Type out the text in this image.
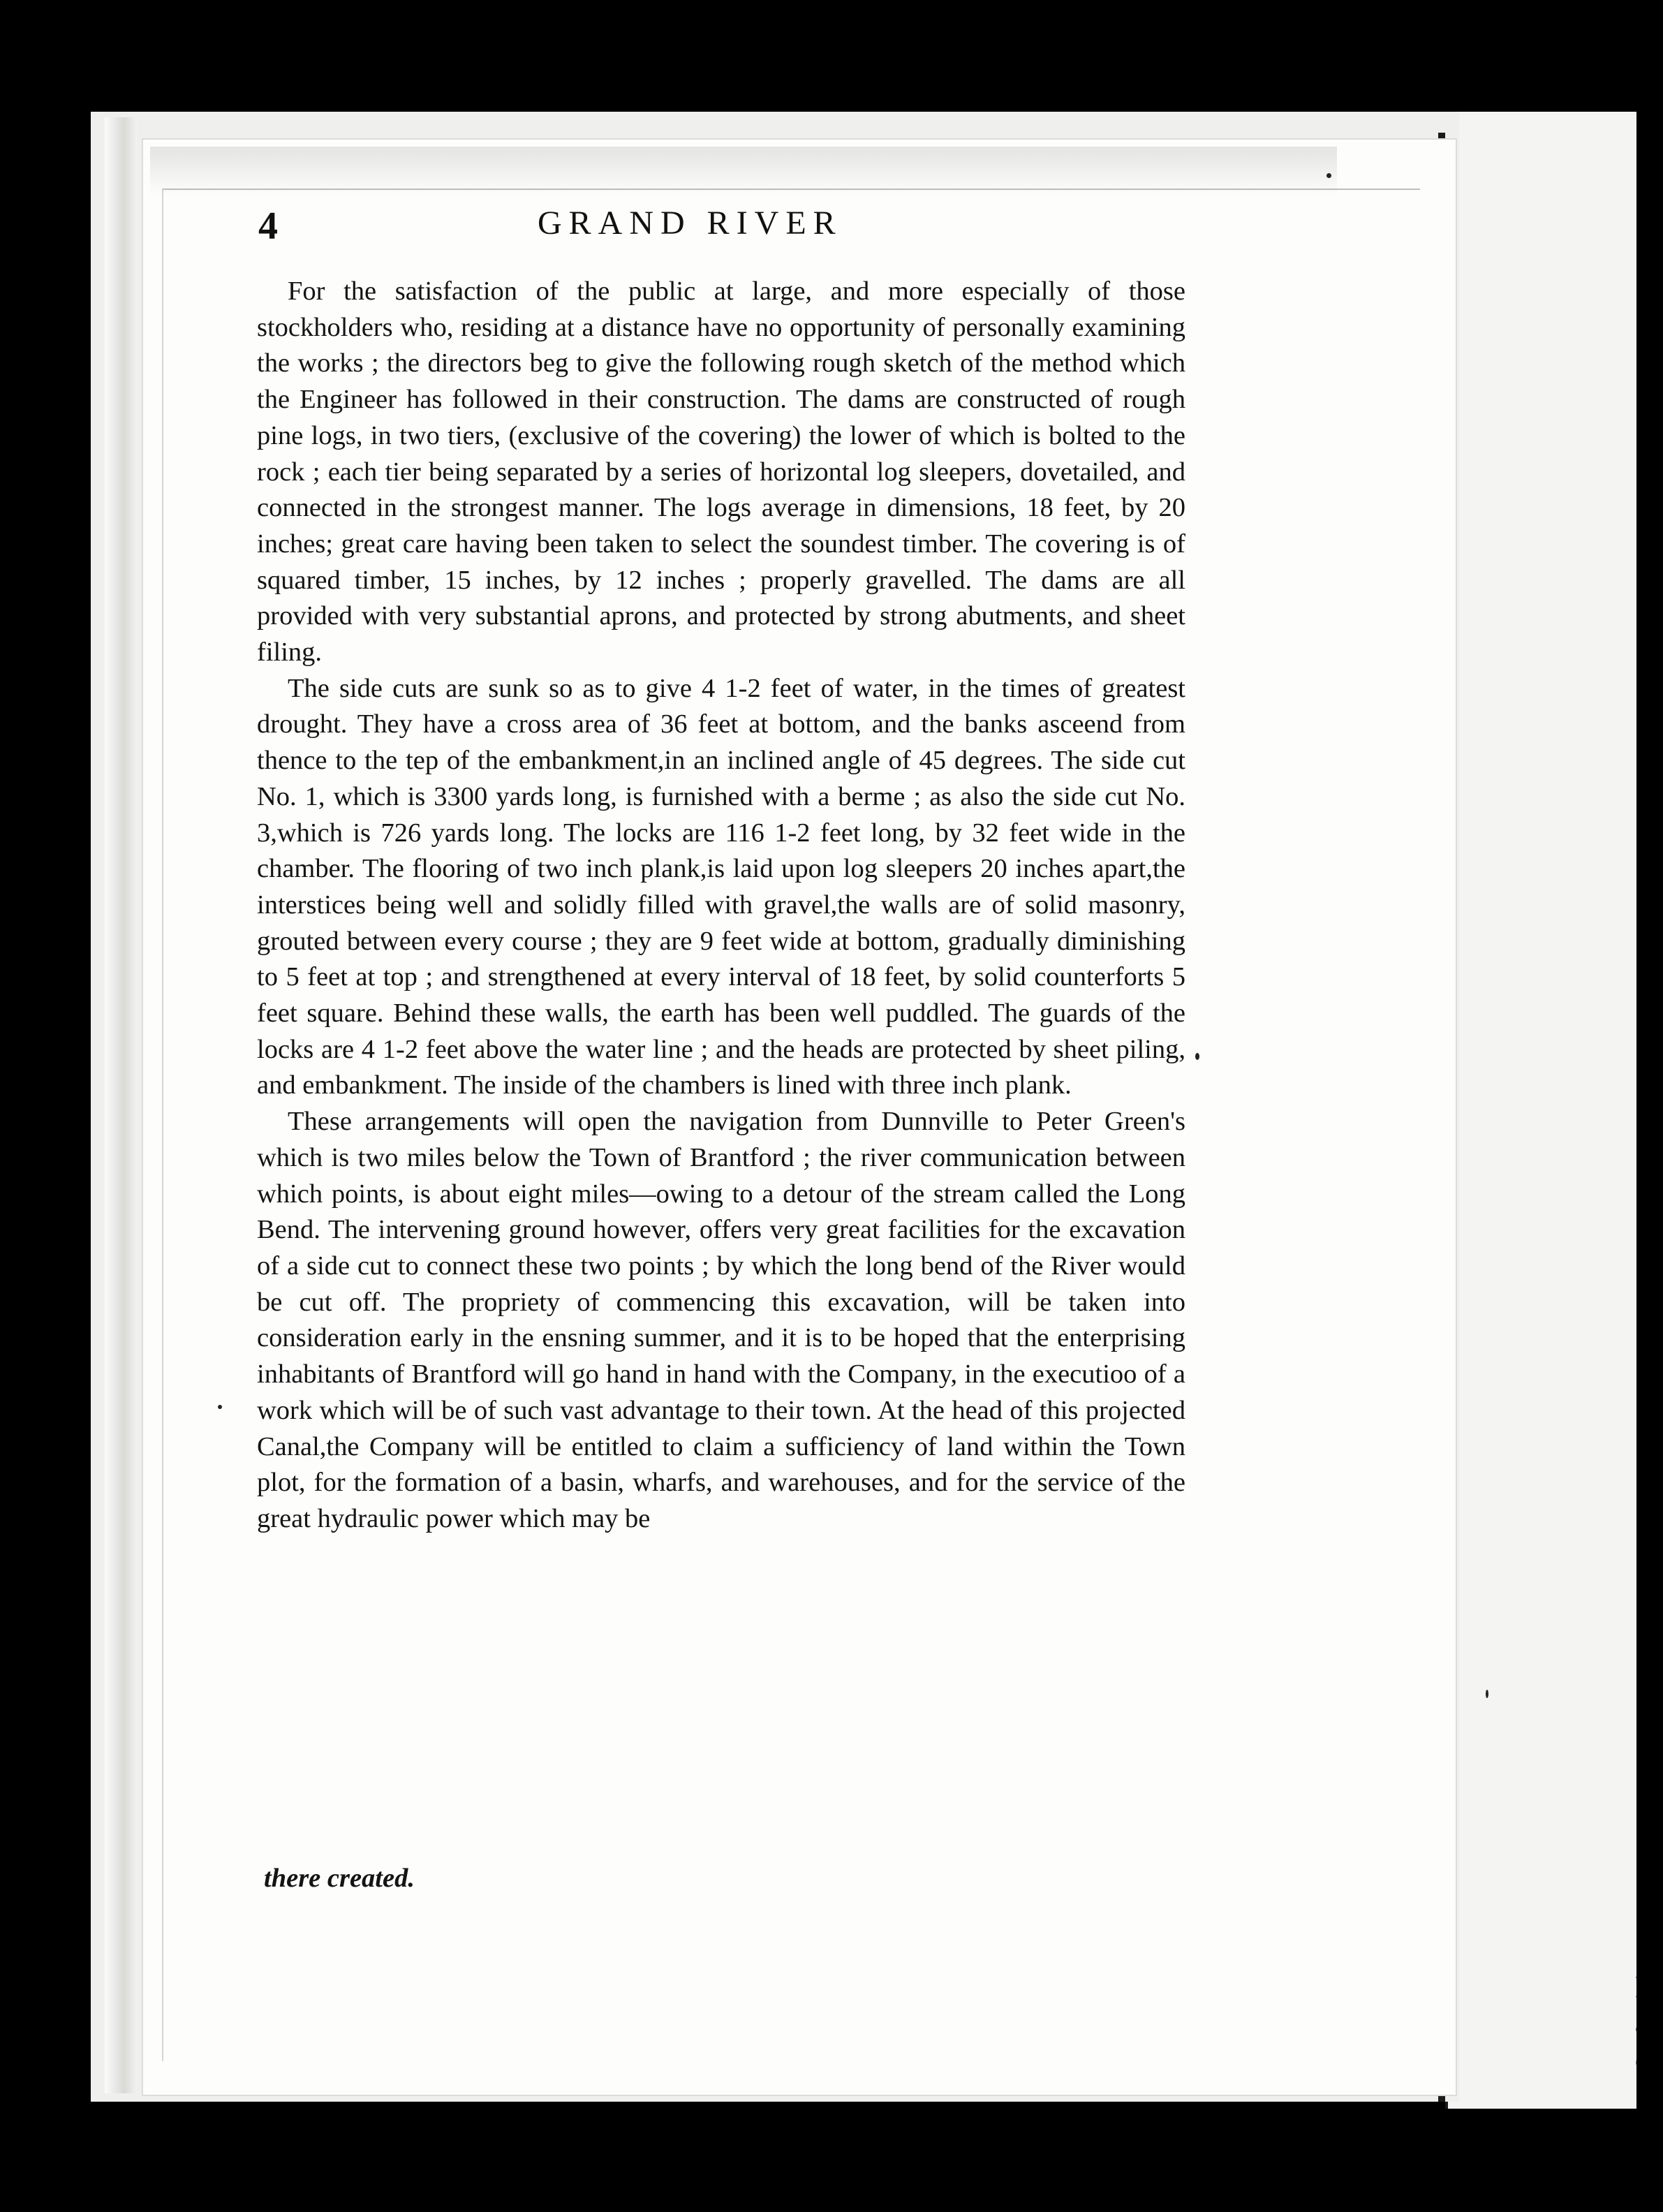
I
a
c
4	GRAND RIVER

For the satisfaction of the public at large, and more especially of those stockholders who, residing at a distance have no opportunity of personally examining the works ; the directors beg to give the following rough sketch of the method which the Engineer has followed in their construction. The dams are constructed of rough pine logs, in two tiers, (exclusive of the covering) the lower of which is bolted to the rock ; each tier being separated by a series of horizontal log sleepers, dovetailed, and connected in the strongest manner. The logs average in dimensions, 18 feet, by 20 inches; great care having been taken to select the soundest timber. The covering is of squared timber, 15 inches, by 12 inches ; properly gravelled. The dams are all provided with very substantial aprons, and protected by strong abutments, and sheet filing.

The side cuts are sunk so as to give 4 1-2 feet of water, in the times of greatest drought. They have a cross area of 36 feet at bottom, and the banks asceend from thence to the tep of the embankment,in an inclined angle of 45 degrees. The side cut No. 1, which is 3300 yards long, is furnished with a berme ; as also the side cut No. 3,which is 726 yards long. The locks are 116 1-2 feet long, by 32 feet wide in the chamber. The flooring of two inch plank,is laid upon log sleepers 20 inches apart,the interstices being well and solidly filled with gravel,the walls are of solid masonry, grouted between every course ; they are 9 feet wide at bottom, gradually diminishing to 5 feet at top ; and strengthened at every interval of 18 feet, by solid counterforts 5 feet square. Behind these walls, the earth has been well puddled. The guards of the locks are 4 1-2 feet above the water line ; and the heads are protected by sheet piling, and embankment. The inside of the chambers is lined with three inch plank.

These arrangements will open the navigation from Dunnville to Peter Green's which is two miles below the Town of Brantford ; the river communication between which points, is about eight miles—owing to a detour of the stream called the Long Bend. The intervening ground however, offers very great facilities for the excavation of a side cut to connect these two points ; by which the long bend of the River would be cut off. The propriety of commencing this excavation, will be taken into consideration early in the ensning summer, and it is to be hoped that the enterprising inhabitants of Brantford will go hand in hand with the Company, in the executioo of a work which will be of such vast advantage to their town. At the head of this projected Canal,the Company will be entitled to claim a sufficiency of land within the Town plot, for the formation of a basin, wharfs, and warehouses, and for the service of the great hydraulic power which may be

there created.
